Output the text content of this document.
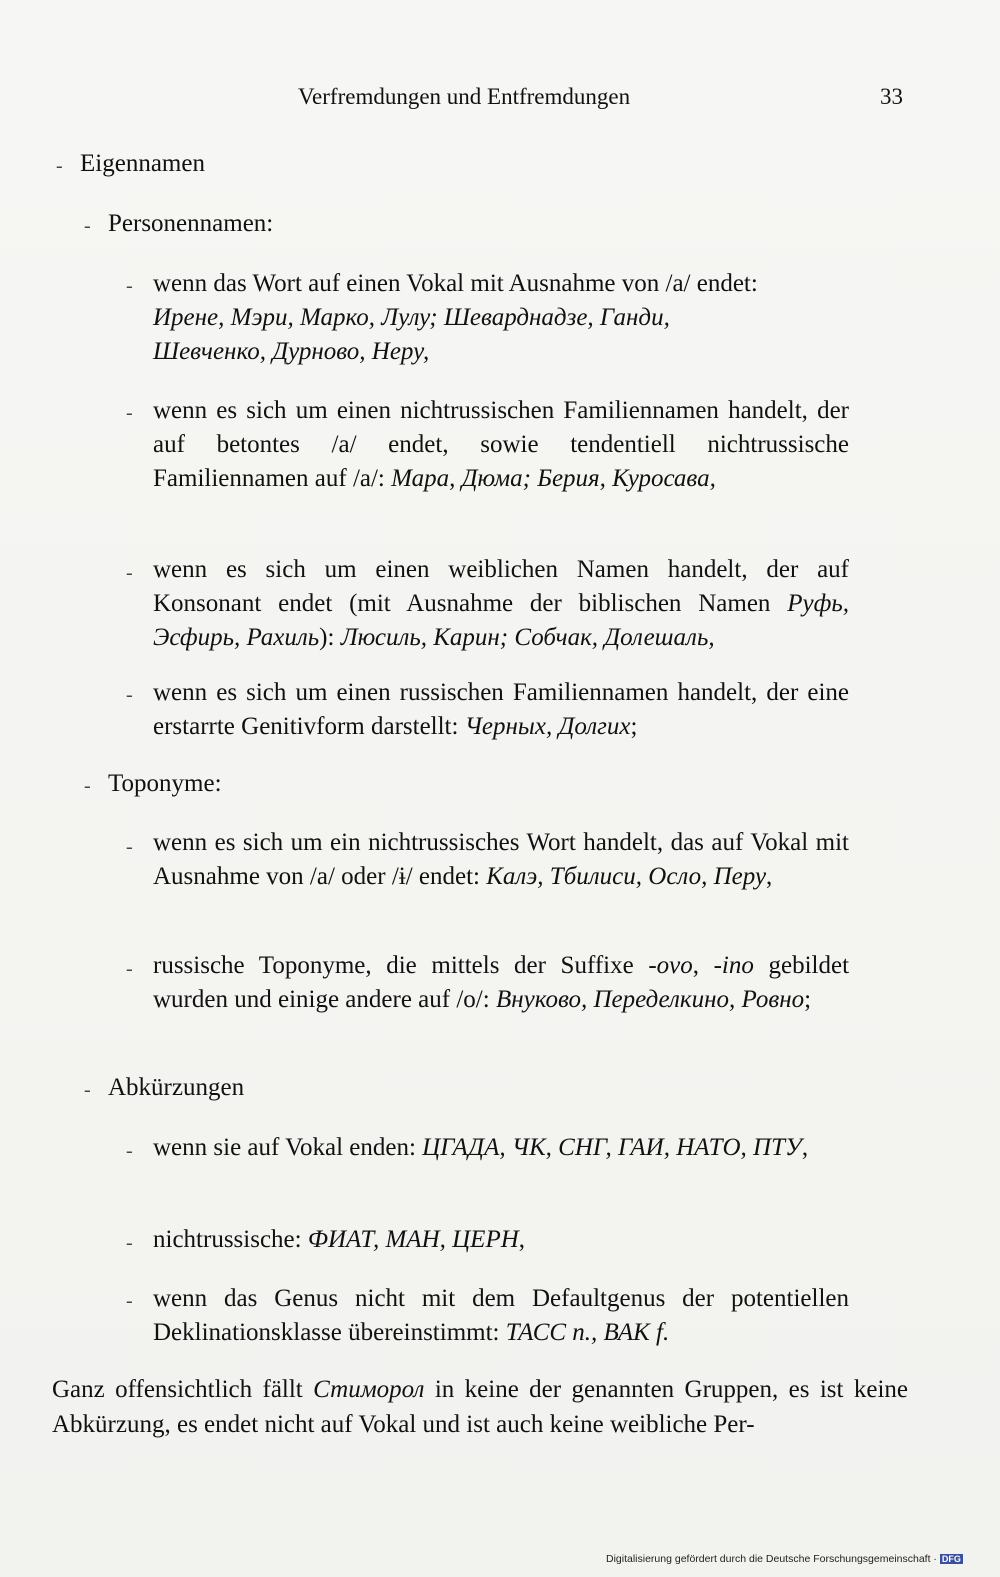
Verfremdungen und Entfremdungen	33
- Eigennamen
- Personennamen:
- wenn das Wort auf einen Vokal mit Ausnahme von /a/ endet:
Ирене, Мэри, Марко, Лулу; Шеварднадзе, Ганди,
Шевченко, Дурново, Неру,
- wenn es sich um einen nichtrussischen Familiennamen handelt, der auf betontes /a/ endet, sowie tendentiell nichtrussische Familiennamen auf /a/: Мара, Дюма; Берия, Куросава,
- wenn es sich um einen weiblichen Namen handelt, der auf Konsonant endet (mit Ausnahme der biblischen Namen Руфь, Эсфирь, Рахиль): Люсиль, Карин; Собчак, Долешаль,
- wenn es sich um einen russischen Familiennamen handelt, der eine erstarrte Genitivform darstellt: Черных, Долгих;
- Toponyme:
- wenn es sich um ein nichtrussisches Wort handelt, das auf Vokal mit Ausnahme von /a/ oder /ɨ/ endet: Калэ, Тбилиси, Осло, Перу,
- russische Toponyme, die mittels der Suffixe -ovo, -ino gebildet wurden und einige andere auf /o/: Внуково, Переделкино, Ровно;
- Abkürzungen
- wenn sie auf Vokal enden: ЦГАДА, ЧК, СНГ, ГАИ, НАТО, ПТУ,
- nichtrussische: ФИАТ, МАН, ЦЕРН,
- wenn das Genus nicht mit dem Defaultgenus der potentiellen Deklinationsklasse übereinstimmt: ТАСС n., ВАК f.
Ganz offensichtlich fällt Стиморол in keine der genannten Gruppen, es ist keine Abkürzung, es endet nicht auf Vokal und ist auch keine weibliche Per-
Digitalisierung gefördert durch die Deutsche Forschungsgemeinschaft · DFG
